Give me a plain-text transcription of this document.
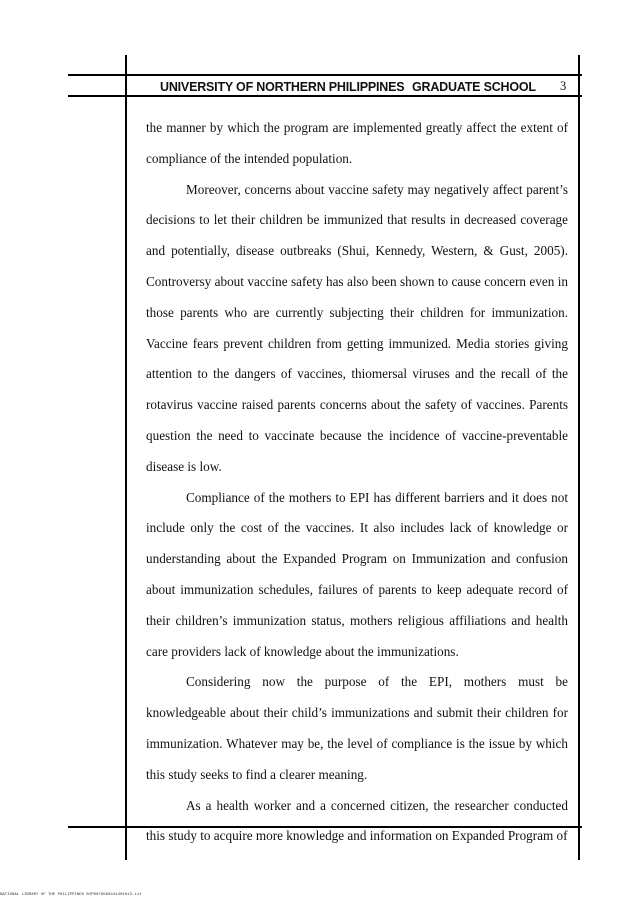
UNIVERSITY OF NORTHERN PHILIPPINES GRADUATE SCHOOL 3

the manner by which the program are implemented greatly affect the extent of compliance of the intended population.

Moreover, concerns about vaccine safety may negatively affect parent’s decisions to let their children be immunized that results in decreased coverage and potentially, disease outbreaks (Shui, Kennedy, Western, & Gust, 2005). Controversy about vaccine safety has also been shown to cause concern even in those parents who are currently subjecting their children for immunization. Vaccine fears prevent children from getting immunized. Media stories giving attention to the dangers of vaccines, thiomersal viruses and the recall of the rotavirus vaccine raised parents concerns about the safety of vaccines. Parents question the need to vaccinate because the incidence of vaccine-preventable disease is low.

Compliance of the mothers to EPI has different barriers and it does not include only the cost of the vaccines. It also includes lack of knowledge or understanding about the Expanded Program on Immunization and confusion about immunization schedules, failures of parents to keep adequate record of their children’s immunization status, mothers religious affiliations and health care providers lack of knowledge about the immunizations.

Considering now the purpose of the EPI, mothers must be knowledgeable about their child’s immunizations and submit their children for immunization. Whatever may be, the level of compliance is the issue by which this study seeks to find a clearer meaning.

As a health worker and a concerned citizen, the researcher conducted this study to acquire more knowledge and information on Expanded Program of

NATIONAL LIBRARY OF THE PHILIPPINES BIP0079590441401013.tif
